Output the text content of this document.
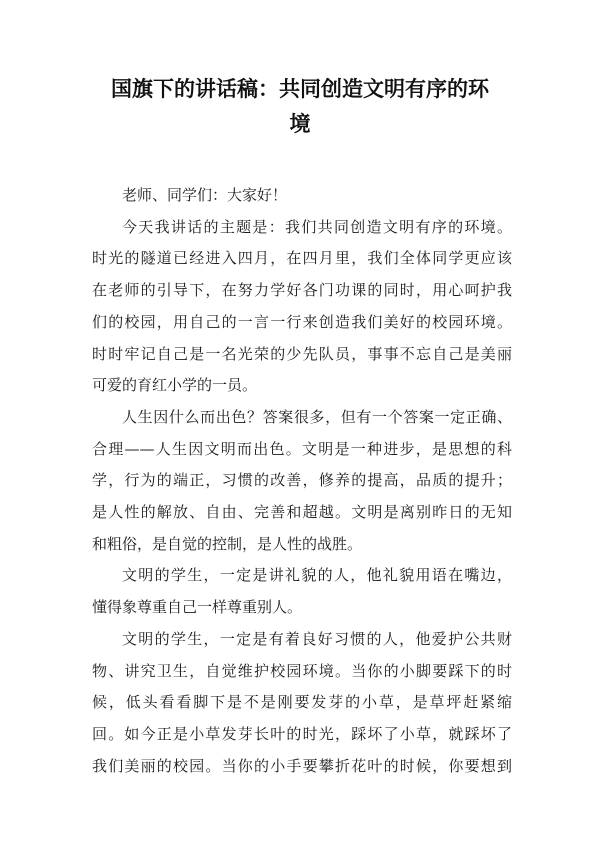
国旗下的讲话稿：共同创造文明有序的环
境
老师、同学们：大家好！
今天我讲话的主题是：我们共同创造文明有序的环境。
时光的隧道已经进入四月，在四月里，我们全体同学更应该
在老师的引导下，在努力学好各门功课的同时，用心呵护我
们的校园，用自己的一言一行来创造我们美好的校园环境。
时时牢记自己是一名光荣的少先队员，事事不忘自己是美丽
可爱的育红小学的一员。
人生因什么而出色？答案很多，但有一个答案一定正确、
合理——人生因文明而出色。文明是一种进步，是思想的科
学，行为的端正，习惯的改善，修养的提高，品质的提升；
是人性的解放、自由、完善和超越。文明是离别昨日的无知
和粗俗，是自觉的控制，是人性的战胜。
文明的学生，一定是讲礼貌的人，他礼貌用语在嘴边，
懂得象尊重自己一样尊重别人。
文明的学生，一定是有着良好习惯的人，他爱护公共财
物、讲究卫生，自觉维护校园环境。当你的小脚要踩下的时
候，低头看看脚下是不是刚要发芽的小草，是草坪赶紧缩
回。如今正是小草发芽长叶的时光，踩坏了小草，就踩坏了
我们美丽的校园。当你的小手要攀折花叶的时候，你要想到
